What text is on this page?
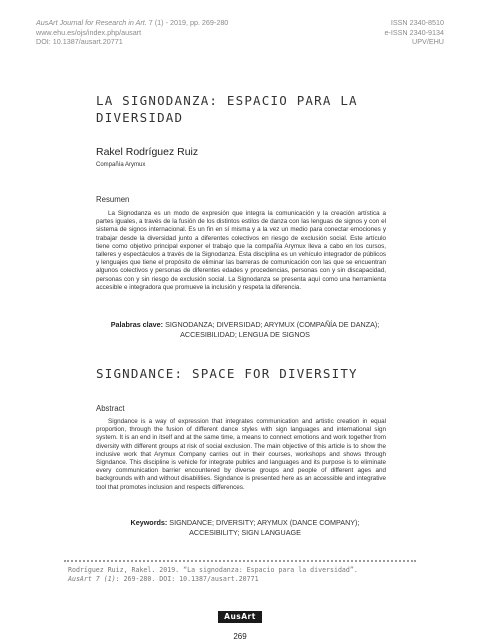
AusArt Journal for Research in Art. 7 (1) - 2019, pp. 269-280
www.ehu.es/ojs/index.php/ausart
DOI: 10.1387/ausart.20771
ISSN 2340-8510
e-ISSN 2340-9134
UPV/EHU
LA SIGNODANZA: ESPACIO PARA LA DIVERSIDAD
Rakel Rodríguez Ruiz
Compañía Arymux
Resumen

La Signodanza es un modo de expresión que integra la comunicación y la creación artística a partes iguales, a través de la fusión de los distintos estilos de danza con las lenguas de signos y con el sistema de signos internacional. Es un fin en sí misma y a la vez un medio para conectar emociones y trabajar desde la diversidad junto a diferentes colectivos en riesgo de exclusión social. Este artículo tiene como objetivo principal exponer el trabajo que la compañía Arymux lleva a cabo en los cursos, talleres y espectáculos a través de la Signodanza. Esta disciplina es un vehículo integrador de públicos y lenguajes que tiene el propósito de eliminar las barreras de comunicación con las que se encuentran algunos colectivos y personas de diferentes edades y procedencias, personas con y sin discapacidad, personas con y sin riesgo de exclusión social. La Signodanza se presenta aquí como una herramienta accesible e integradora que promueve la inclusión y respeta la diferencia.

Palabras clave: SIGNODANZA; DIVERSIDAD; ARYMUX (COMPAÑÍA DE DANZA); ACCESIBILIDAD; LENGUA DE SIGNOS
SIGNDANCE: SPACE FOR DIVERSITY
Abstract

Signdance is a way of expression that integrates communication and artistic creation in equal proportion, through the fusion of different dance styles with sign languages and international sign system. It is an end in itself and at the same time, a means to connect emotions and work together from diversity with different groups at risk of social exclusion. The main objective of this article is to show the inclusive work that Arymux Company carries out in their courses, workshops and shows through Signdance. This discipline is vehicle for integrate publics and languages and its purpose is to eliminate every communication barrier encountered by diverse groups and people of different ages and backgrounds with and without disabilities. Signdance is presented here as an accessible and integrative tool that promotes inclusion and respects differences.

Keywords: SIGNDANCE; DIVERSITY; ARYMUX (DANCE COMPANY); ACCESIBILITY; SIGN LANGUAGE
Rodríguez Ruiz, Rakel. 2019. “La signodanza: Espacio para la diversidad”.
AusArt 7 (1): 269-280. DOI: 10.1387/ausart.20771
AusArt
269
